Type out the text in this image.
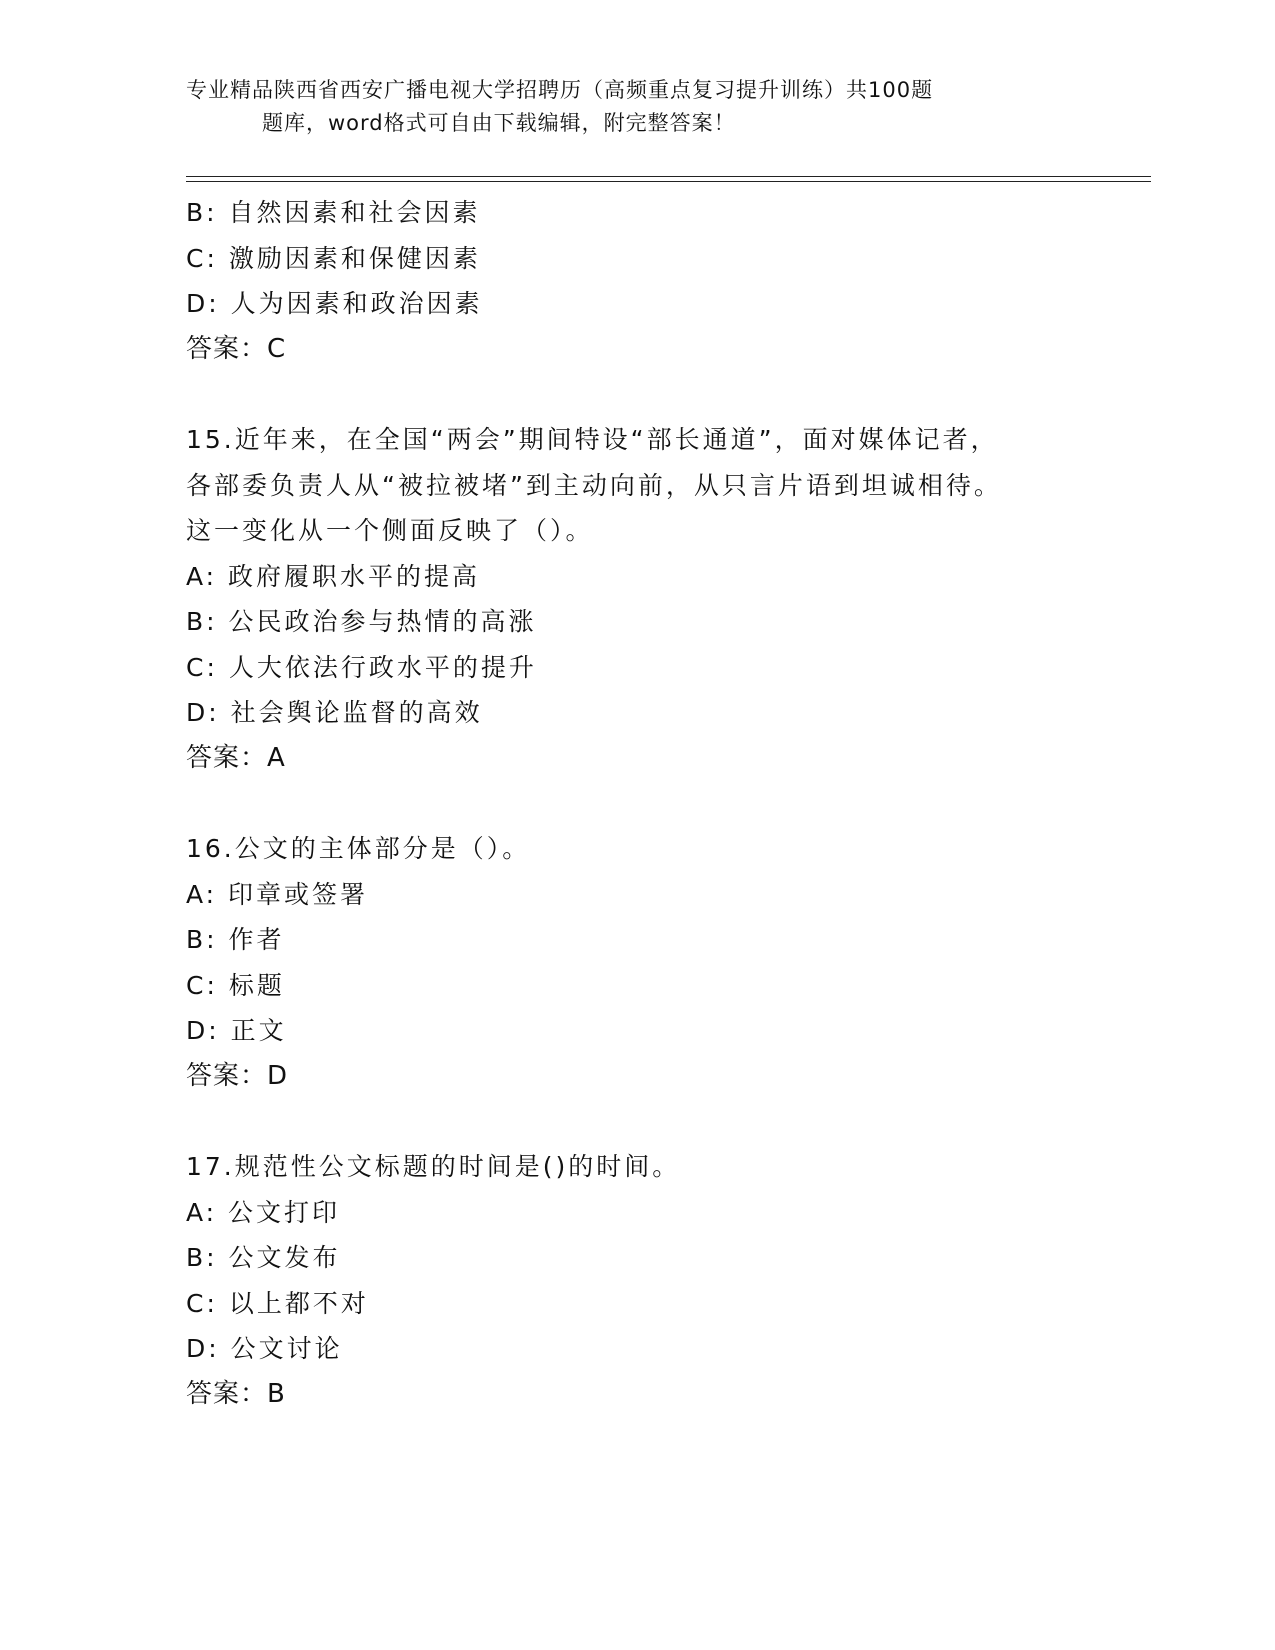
专业精品陕西省西安广播电视大学招聘历（高频重点复习提升训练）共100题
题库，word格式可自由下载编辑，附完整答案！
B: 自然因素和社会因素
C: 激励因素和保健因素
D: 人为因素和政治因素
答案：C
15.近年来，在全国“两会”期间特设“部长通道”，面对媒体记者，
各部委负责人从“被拉被堵”到主动向前，从只言片语到坦诚相待。
这一变化从一个侧面反映了（）。
A: 政府履职水平的提高
B: 公民政治参与热情的高涨
C: 人大依法行政水平的提升
D: 社会舆论监督的高效
答案：A
16.公文的主体部分是（）。
A: 印章或签署
B: 作者
C: 标题
D: 正文
答案：D
17.规范性公文标题的时间是()的时间。
A: 公文打印
B: 公文发布
C: 以上都不对
D: 公文讨论
答案：B
